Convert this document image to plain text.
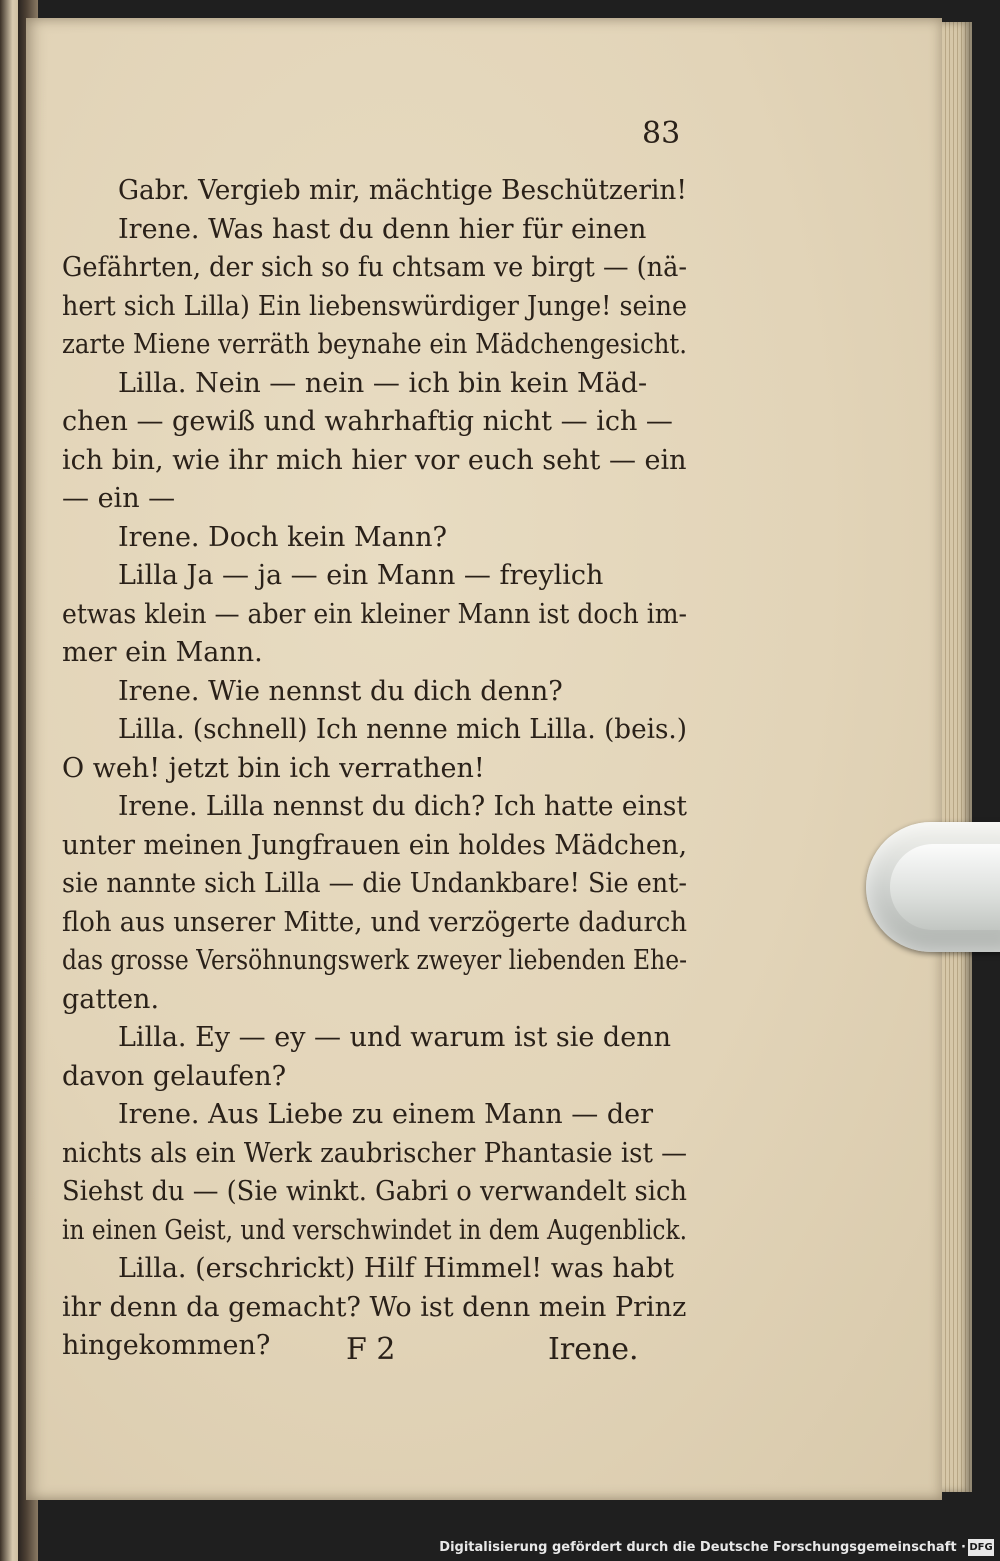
83
Gabr. Vergieb mir, mächtige Beschützerin!
Irene. Was hast du denn hier für einen
Gefährten, der sich so fu chtsam ve birgt — (nä-
hert sich Lilla) Ein liebenswürdiger Junge! seine
zarte Miene verräth beynahe ein Mädchengesicht.
Lilla. Nein — nein — ich bin kein Mäd-
chen — gewiß und wahrhaftig nicht — ich —
ich bin, wie ihr mich hier vor euch seht — ein
— ein —
Irene. Doch kein Mann?
Lilla Ja — ja — ein Mann — freylich
etwas klein — aber ein kleiner Mann ist doch im-
mer ein Mann.
Irene. Wie nennst du dich denn?
Lilla. (schnell) Ich nenne mich Lilla. (beis.)
O weh! jetzt bin ich verrathen!
Irene. Lilla nennst du dich? Ich hatte einst
unter meinen Jungfrauen ein holdes Mädchen,
sie nannte sich Lilla — die Undankbare! Sie ent-
floh aus unserer Mitte, und verzögerte dadurch
das grosse Versöhnungswerk zweyer liebenden Ehe-
gatten.
Lilla. Ey — ey — und warum ist sie denn
davon gelaufen?
Irene. Aus Liebe zu einem Mann — der
nichts als ein Werk zaubrischer Phantasie ist —
Siehst du — (Sie winkt. Gabri o verwandelt sich
in einen Geist, und verschwindet in dem Augenblick.
Lilla. (erschrickt) Hilf Himmel! was habt
ihr denn da gemacht? Wo ist denn mein Prinz
hingekommen?	F 2	Irene.
Digitalisierung gefördert durch die Deutsche Forschungsgemeinschaft · DFG
